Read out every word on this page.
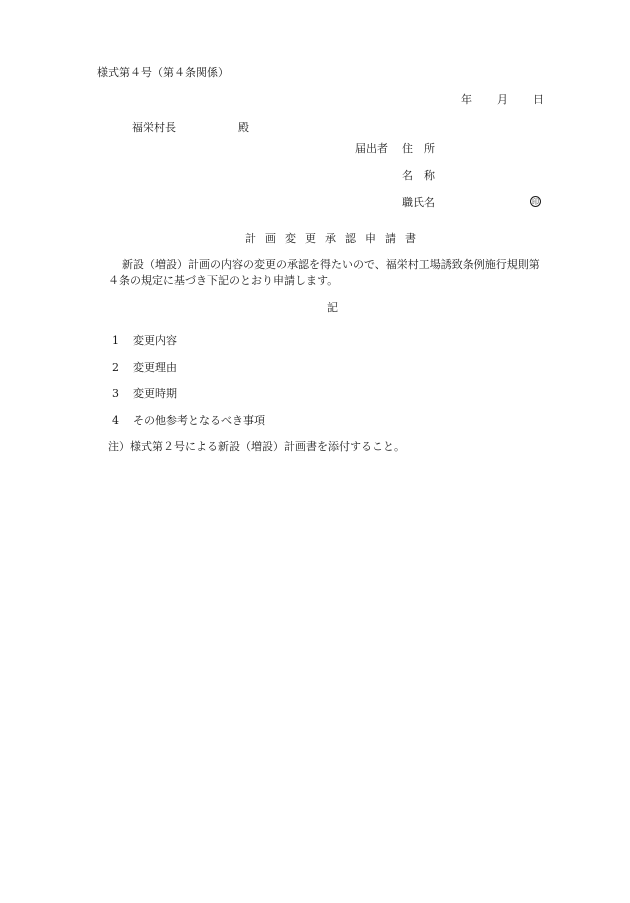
様式第４号（第４条関係）
年 月 日
福栄村長	殿
届出者 住　所
名　称
職氏名	印
計画変更承認申請書
新設（増設）計画の内容の変更の承認を得たいので、福栄村工場誘致条例施行規則第
４条の規定に基づき下記のとおり申請します。
記
1 変更内容
2 変更理由
3 変更時期
4 その他参考となるべき事項
注）様式第２号による新設（増設）計画書を添付すること。
